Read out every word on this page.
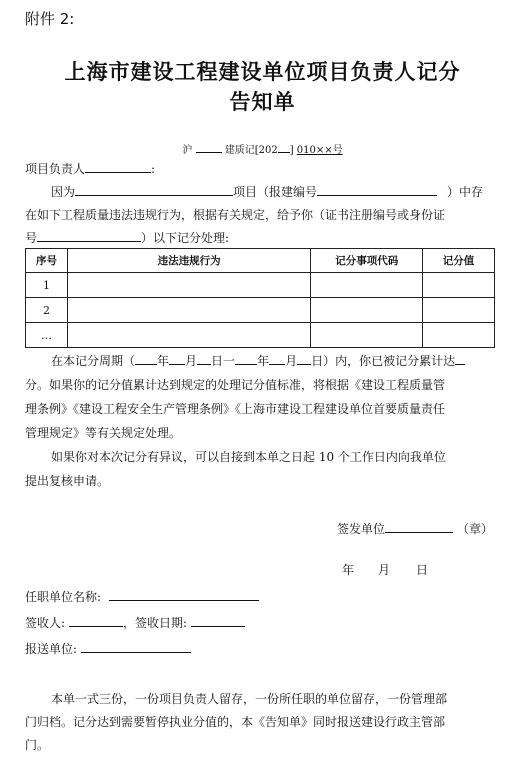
附件 2:
上海市建设工程建设单位项目负责人记分
告知单
沪	建质记[202 ] 010××号
项目负责人	:
因为	项目（报建编号	）中存
在如下工程质量违法违规行为，根据有关规定，给予你（证书注册编号或身份证
号	）以下记分处理:
序号	违法违规行为	记分事项代码	记分值
1			
2			
…			
在本记分周期（ 年 月 日一 年 月 日）内，你已被记分累计达
分。如果你的记分值累计达到规定的处理记分值标准，将根据《建设工程质量管
理条例》《建设工程安全生产管理条例》《上海市建设工程建设单位首要质量责任
管理规定》等有关规定处理。
如果你对本次记分有异议，可以自接到本单之日起 10 个工作日内向我单位
提出复核申请。
签发单位	（章）
年 月 日
任职单位名称:
签收人:	，签收日期:
报送单位:
本单一式三份，一份项目负责人留存，一份所任职的单位留存，一份管理部
门归档。记分达到需要暂停执业分值的，本《告知单》同时报送建设行政主管部
门。
